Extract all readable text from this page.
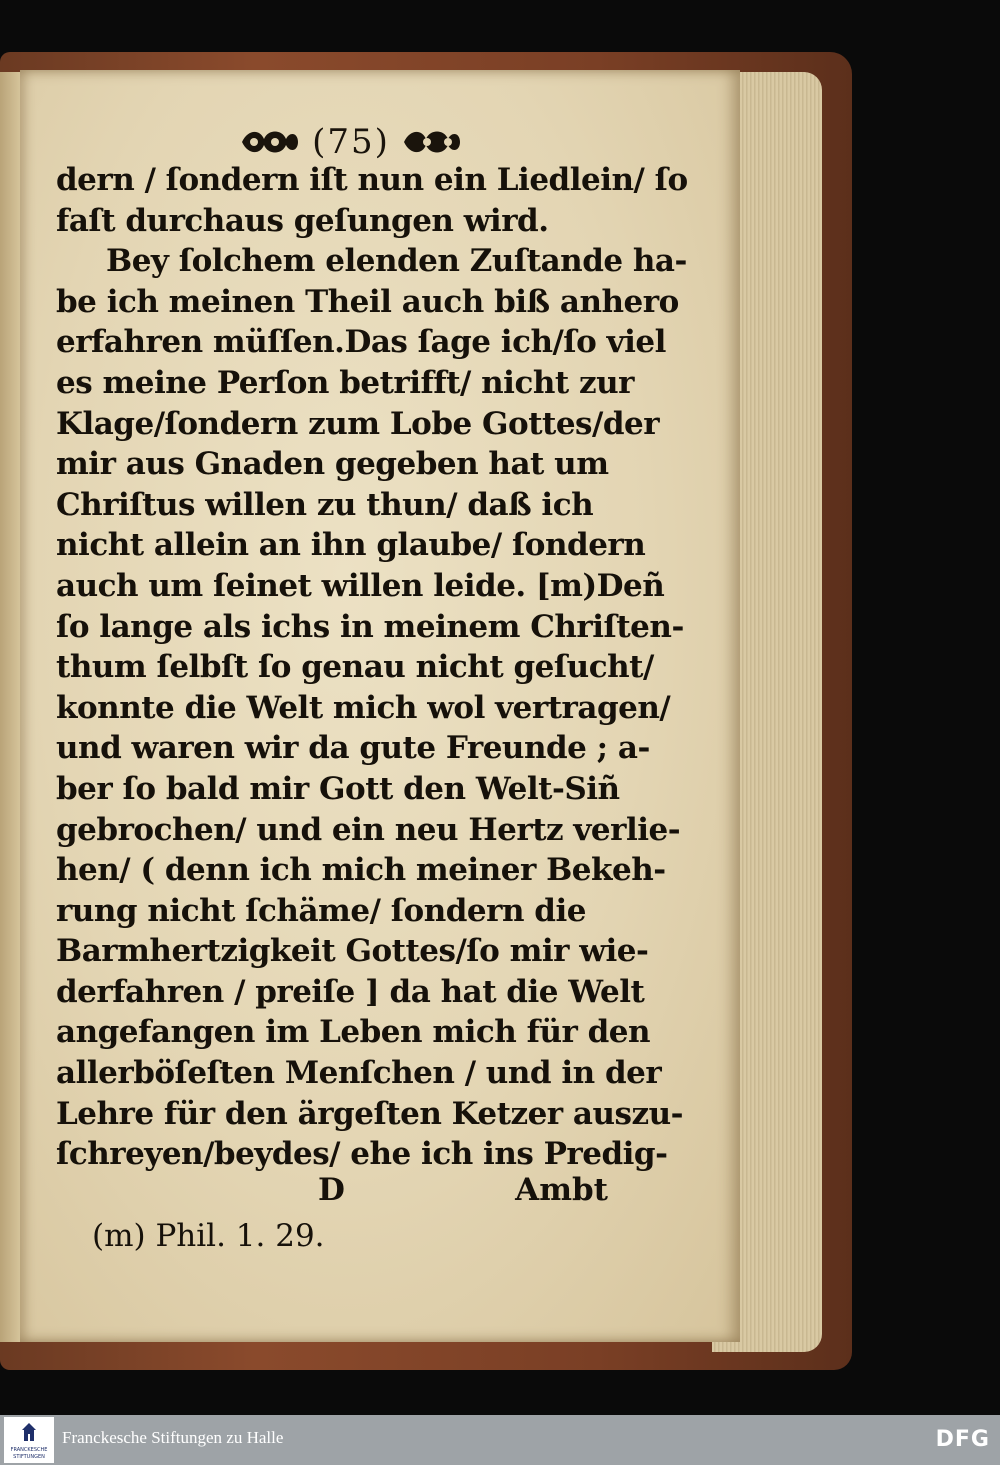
(75)
dern / ſondern iſt nun ein Liedlein/ ſo
faſt durchaus geſungen wird.
Bey ſolchem elenden Zuſtande ha-
be ich meinen Theil auch biß anhero
erfahren müſſen.Das ſage ich/ſo viel
es meine Perſon betrifft/ nicht zur
Klage/ſondern zum Lobe Gottes/der
mir aus Gnaden gegeben hat um
Chriſtus willen zu thun/ daß ich
nicht allein an ihn glaube/ ſondern
auch um ſeinet willen leide. [m)Deñ
ſo lange als ichs in meinem Chriſten-
thum ſelbſt ſo genau nicht geſucht/
konnte die Welt mich wol vertragen/
und waren wir da gute Freunde ; a-
ber ſo bald mir Gott den Welt-Siñ
gebrochen/ und ein neu Hertz verlie-
hen/ ( denn ich mich meiner Bekeh-
rung nicht ſchäme/ ſondern die
Barmhertzigkeit Gottes/ſo mir wie-
derfahren / preiſe ] da hat die Welt
angefangen im Leben mich für den
allerböſeſten Menſchen / und in der
Lehre für den ärgeſten Ketzer auszu-
ſchreyen/beydes/ ehe ich ins Predig-
D	Ambt
(m) Phil. 1. 29.
FRANCKESCHE
STIFTUNGEN
Franckesche Stiftungen zu Halle	DFG
